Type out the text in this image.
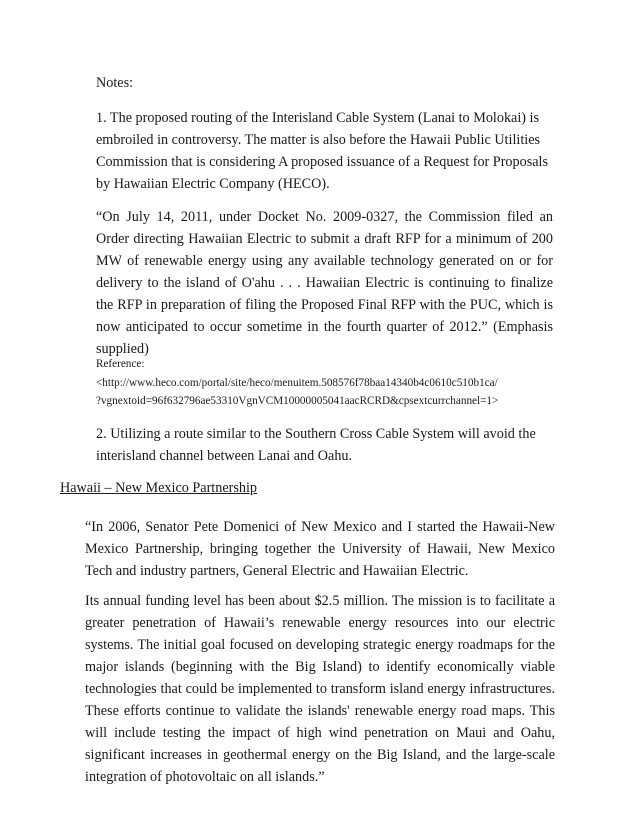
Notes:

1. The proposed routing of the Interisland Cable System (Lanai to Molokai) is embroiled in controversy. The matter is also before the Hawaii Public Utilities Commission that is considering A proposed issuance of a Request for Proposals by Hawaiian Electric Company (HECO).

“On July 14, 2011, under Docket No. 2009-0327, the Commission filed an Order directing Hawaiian Electric to submit a draft RFP for a minimum of 200 MW of renewable energy using any available technology generated on or for delivery to the island of O'ahu . . . Hawaiian Electric is continuing to finalize the RFP in preparation of filing the Proposed Final RFP with the PUC, which is now anticipated to occur sometime in the fourth quarter of 2012.” (Emphasis supplied)

Reference:

<http://www.heco.com/portal/site/heco/menuitem.508576f78baa14340b4c0610c510b1ca/

?vgnextoid=96f632796ae53310VgnVCM10000005041aacRCRD&cpsextcurrchannel=1>

2. Utilizing a route similar to the Southern Cross Cable System will avoid the interisland channel between Lanai and Oahu.

Hawaii – New Mexico Partnership

“In 2006, Senator Pete Domenici of New Mexico and I started the Hawaii-New Mexico Partnership, bringing together the University of Hawaii, New Mexico Tech and industry partners, General Electric and Hawaiian Electric.

Its annual funding level has been about $2.5 million. The mission is to facilitate a greater penetration of Hawaii’s renewable energy resources into our electric systems. The initial goal focused on developing strategic energy roadmaps for the major islands (beginning with the Big Island) to identify economically viable technologies that could be implemented to transform island energy infrastructures. These efforts continue to validate the islands' renewable energy road maps. This will include testing the impact of high wind penetration on Maui and Oahu, significant increases in geothermal energy on the Big Island, and the large-scale integration of photovoltaic on all islands.”
